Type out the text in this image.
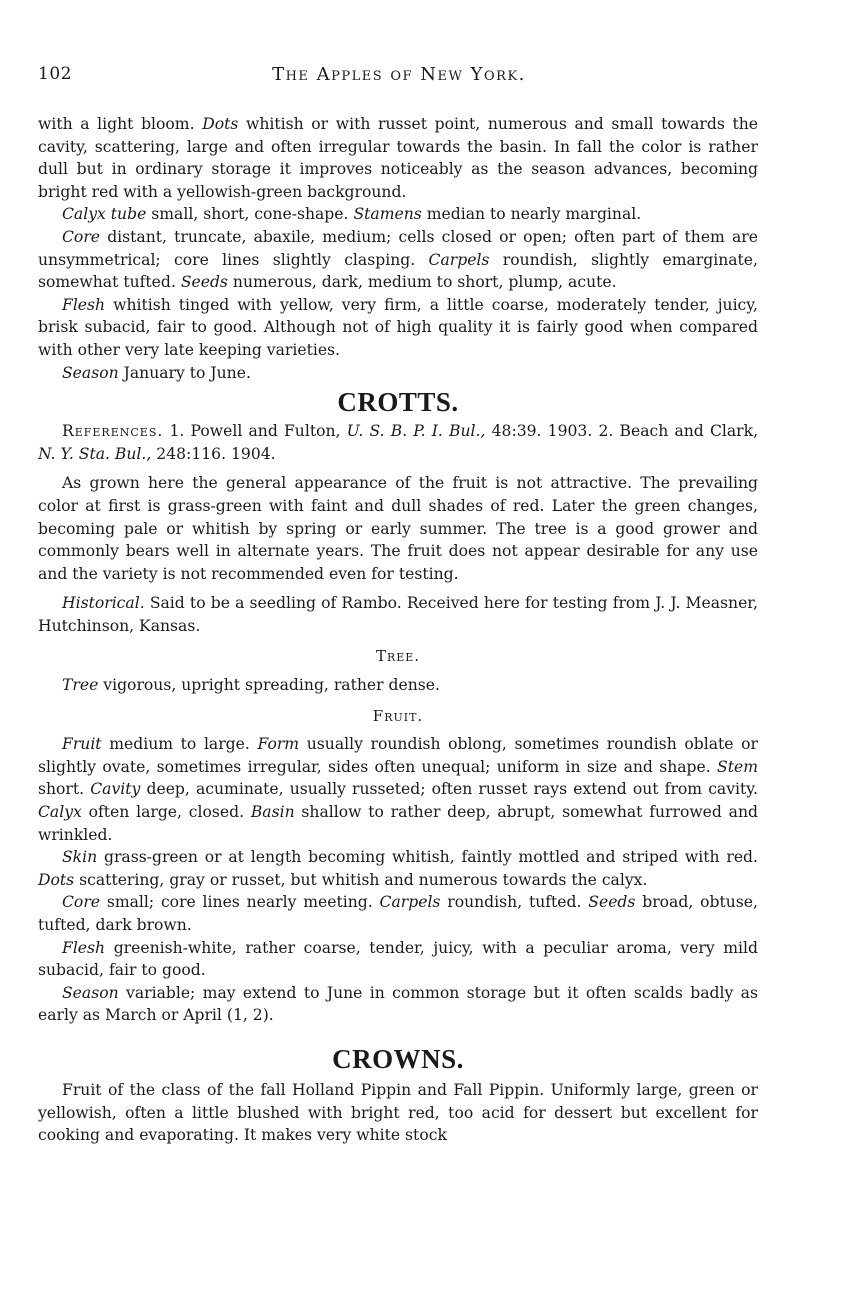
102	The Apples of New York.

with a light bloom. Dots whitish or with russet point, numerous and small towards the cavity, scattering, large and often irregular towards the basin. In fall the color is rather dull but in ordinary storage it improves noticeably as the season advances, becoming bright red with a yellowish-green background.

Calyx tube small, short, cone-shape. Stamens median to nearly marginal.

Core distant, truncate, abaxile, medium; cells closed or open; often part of them are unsymmetrical; core lines slightly clasping. Carpels roundish, slightly emarginate, somewhat tufted. Seeds numerous, dark, medium to short, plump, acute.

Flesh whitish tinged with yellow, very firm, a little coarse, moderately tender, juicy, brisk subacid, fair to good. Although not of high quality it is fairly good when compared with other very late keeping varieties.

Season January to June.

CROTTS.

References. 1. Powell and Fulton, U. S. B. P. I. Bul., 48:39. 1903. 2. Beach and Clark, N. Y. Sta. Bul., 248:116. 1904.

As grown here the general appearance of the fruit is not attractive. The prevailing color at first is grass-green with faint and dull shades of red. Later the green changes, becoming pale or whitish by spring or early summer. The tree is a good grower and commonly bears well in alternate years. The fruit does not appear desirable for any use and the variety is not recommended even for testing.

Historical. Said to be a seedling of Rambo. Received here for testing from J. J. Measner, Hutchinson, Kansas.

Tree.

Tree vigorous, upright spreading, rather dense.

Fruit.

Fruit medium to large. Form usually roundish oblong, sometimes roundish oblate or slightly ovate, sometimes irregular, sides often unequal; uniform in size and shape. Stem short. Cavity deep, acuminate, usually russeted; often russet rays extend out from cavity. Calyx often large, closed. Basin shallow to rather deep, abrupt, somewhat furrowed and wrinkled.

Skin grass-green or at length becoming whitish, faintly mottled and striped with red. Dots scattering, gray or russet, but whitish and numerous towards the calyx.

Core small; core lines nearly meeting. Carpels roundish, tufted. Seeds broad, obtuse, tufted, dark brown.

Flesh greenish-white, rather coarse, tender, juicy, with a peculiar aroma, very mild subacid, fair to good.

Season variable; may extend to June in common storage but it often scalds badly as early as March or April (1, 2).

CROWNS.

Fruit of the class of the fall Holland Pippin and Fall Pippin. Uniformly large, green or yellowish, often a little blushed with bright red, too acid for dessert but excellent for cooking and evaporating. It makes very white stock
